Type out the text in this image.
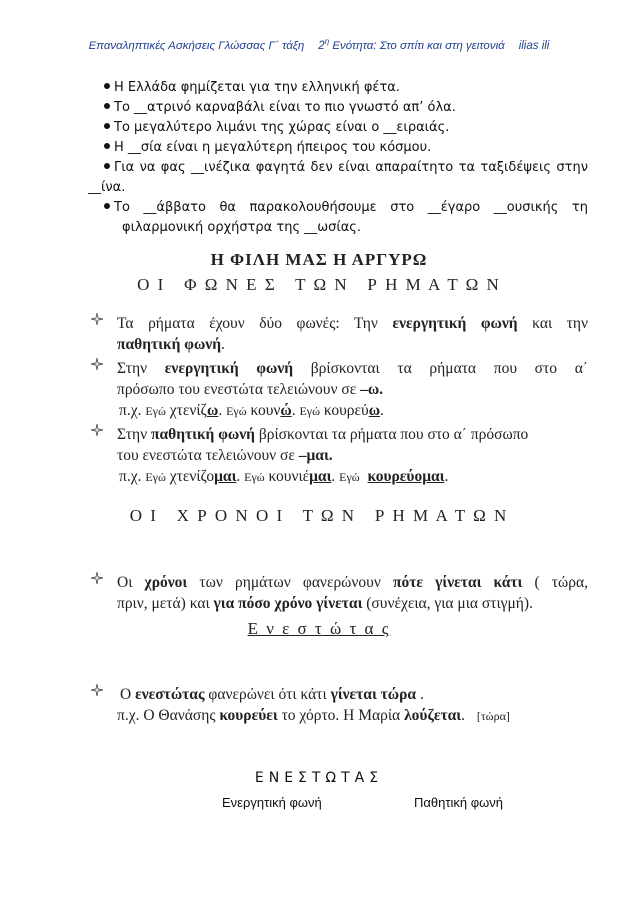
Επαναληπτικές Ασκήσεις Γλώσσας Γ΄ τάξη $2^\eta$ Ενότητα: Στο σπίτι και στη γειτονιά ilias ili
Η Ελλάδα φημίζεται για την ελληνική φέτα.
Το __ατρινό καρναβάλι είναι το πιο γνωστό απ’ όλα.
Το μεγαλύτερο λιμάνι της χώρας είναι ο __ειραιάς.
Η __σία είναι η μεγαλύτερη ήπειρος του κόσμου.
Για να φας __ινέζικα φαγητά δεν είναι απαραίτητο τα ταξιδέψεις στην
__ίνα.
Το __άββατο θα παρακολουθήσουμε στο __έγαρο __ουσικής τη
φιλαρμονική ορχήστρα της __ωσίας.
Η ΦΙΛΗ ΜΑΣ Η ΑΡΓΥΡΩ
Ο Ι   Φ Ω Ν Ε Σ   Τ Ω Ν   Ρ Η Μ Α Τ Ω Ν
Τα ρήματα έχουν δύο φωνές: Την ενεργητική φωνή και την
παθητική φωνή.
Στην ενεργητική φωνή βρίσκονται τα ρήματα που στο α΄
πρόσωπο του ενεστώτα τελειώνουν σε –ω.
π.χ. Εγώ χτενίζω. Εγώ κουνώ. Εγώ κουρεύω.
Στην παθητική φωνή βρίσκονται τα ρήματα που στο α΄ πρόσωπο
του ενεστώτα τελειώνουν σε –μαι.
π.χ. Εγώ χτενίζομαι. Εγώ κουνιέμαι. Εγώ κουρεύομαι.
Ο Ι   Χ Ρ Ο Ν Ο Ι   Τ Ω Ν   Ρ Η Μ Α Τ Ω Ν
Οι χρόνοι των ρημάτων φανερώνουν πότε γίνεται κάτι ( τώρα,
πριν, μετά) και για πόσο χρόνο γίνεται (συνέχεια, για μια στιγμή).
Ε ν ε σ τ ώ τ α ς
Ο ενεστώτας φανερώνει ότι κάτι γίνεται τώρα .
π.χ. Ο Θανάσης κουρεύει το χόρτο. Η Μαρία λούζεται. [τώρα]
ΕΝΕΣΤΩΤΑΣ
Ενεργητική φωνή	Παθητική φωνή
